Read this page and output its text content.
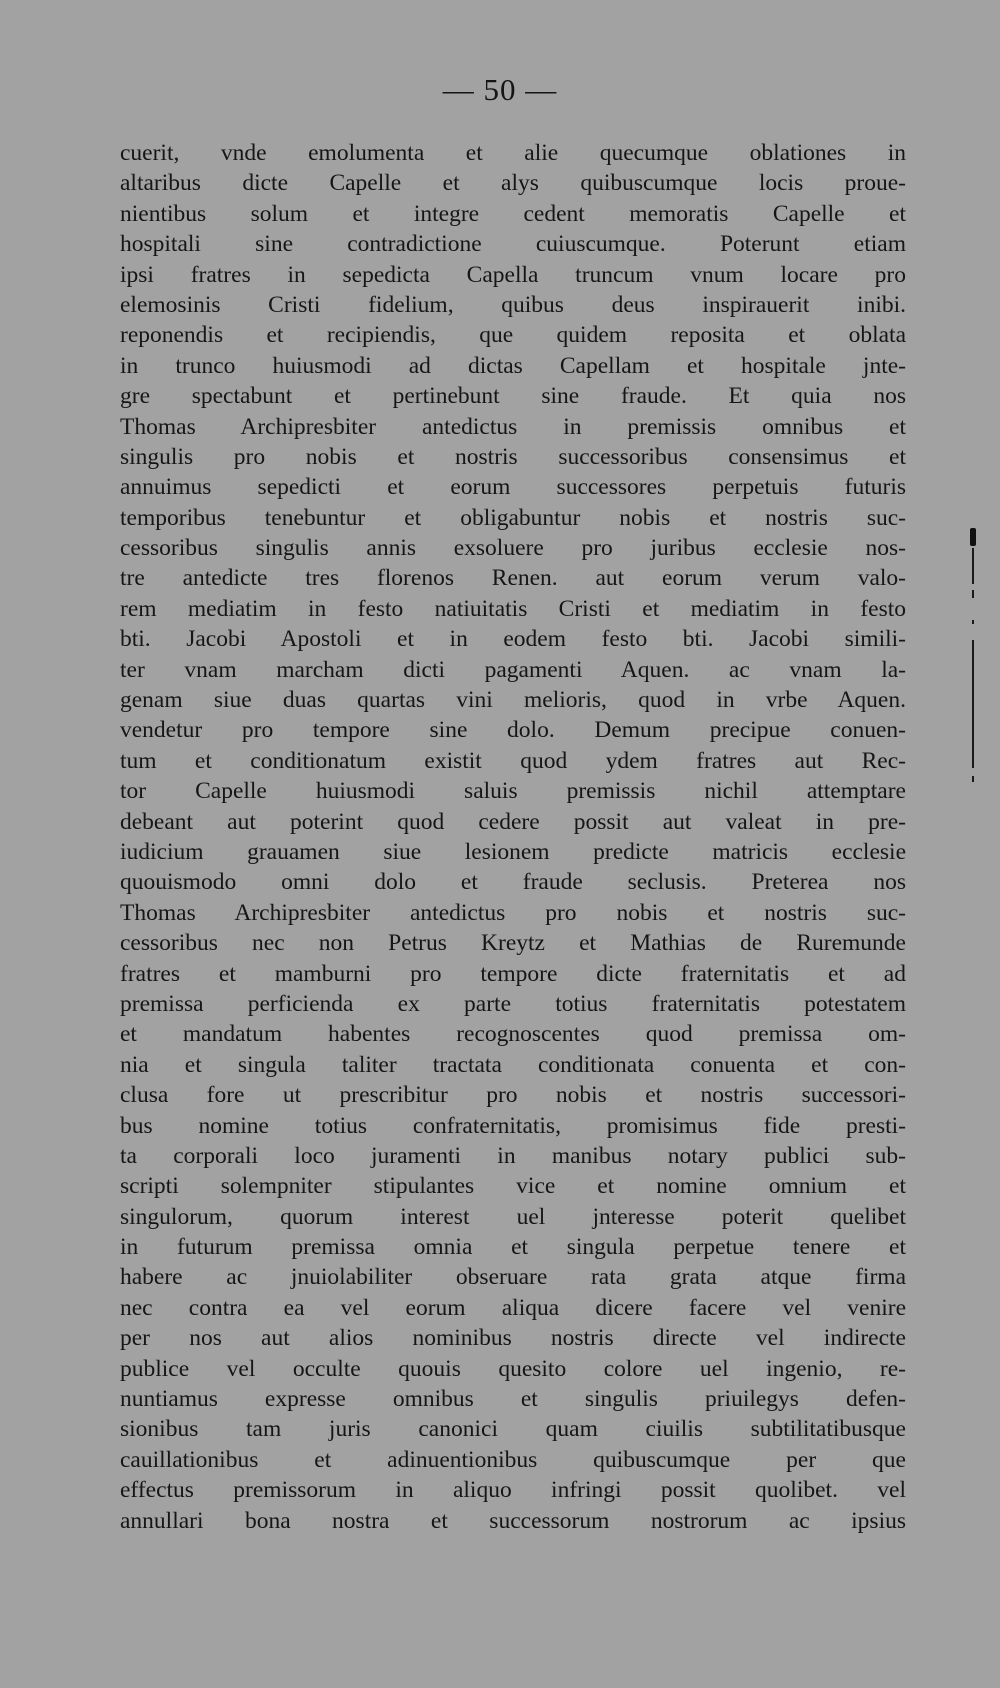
— 50 —
cuerit, vnde emolumenta et alie quecumque oblationes in
altaribus dicte Capelle et alys quibuscumque locis proue-
nientibus solum et integre cedent memoratis Capelle et
hospitali sine contradictione cuiuscumque. Poterunt etiam
ipsi fratres in sepedicta Capella truncum vnum locare pro
elemosinis Cristi fidelium, quibus deus inspirauerit inibi.
reponendis et recipiendis, que quidem reposita et oblata
in trunco huiusmodi ad dictas Capellam et hospitale jnte-
gre spectabunt et pertinebunt sine fraude. Et quia nos
Thomas Archipresbiter antedictus in premissis omnibus et
singulis pro nobis et nostris successoribus consensimus et
annuimus sepedicti et eorum successores perpetuis futuris
temporibus tenebuntur et obligabuntur nobis et nostris suc-
cessoribus singulis annis exsoluere pro juribus ecclesie nos-
tre antedicte tres florenos Renen. aut eorum verum valo-
rem mediatim in festo natiuitatis Cristi et mediatim in festo
bti. Jacobi Apostoli et in eodem festo bti. Jacobi simili-
ter vnam marcham dicti pagamenti Aquen. ac vnam la-
genam siue duas quartas vini melioris, quod in vrbe Aquen.
vendetur pro tempore sine dolo. Demum precipue conuen-
tum et conditionatum existit quod ydem fratres aut Rec-
tor Capelle huiusmodi saluis premissis nichil attemptare
debeant aut poterint quod cedere possit aut valeat in pre-
iudicium grauamen siue lesionem predicte matricis ecclesie
quouismodo omni dolo et fraude seclusis. Preterea nos
Thomas Archipresbiter antedictus pro nobis et nostris suc-
cessoribus nec non Petrus Kreytz et Mathias de Ruremunde
fratres et mamburni pro tempore dicte fraternitatis et ad
premissa perficienda ex parte totius fraternitatis potestatem
et mandatum habentes recognoscentes quod premissa om-
nia et singula taliter tractata conditionata conuenta et con-
clusa fore ut prescribitur pro nobis et nostris successori-
bus nomine totius confraternitatis, promisimus fide presti-
ta corporali loco juramenti in manibus notary publici sub-
scripti solempniter stipulantes vice et nomine omnium et
singulorum, quorum interest uel jnteresse poterit quelibet
in futurum premissa omnia et singula perpetue tenere et
habere ac jnuiolabiliter obseruare rata grata atque firma
nec contra ea vel eorum aliqua dicere facere vel venire
per nos aut alios nominibus nostris directe vel indirecte
publice vel occulte quouis quesito colore uel ingenio, re-
nuntiamus expresse omnibus et singulis priuilegys defen-
sionibus tam juris canonici quam ciuilis subtilitatibusque
cauillationibus et adinuentionibus quibuscumque per que
effectus premissorum in aliquo infringi possit quolibet. vel
annullari bona nostra et successorum nostrorum ac ipsius
